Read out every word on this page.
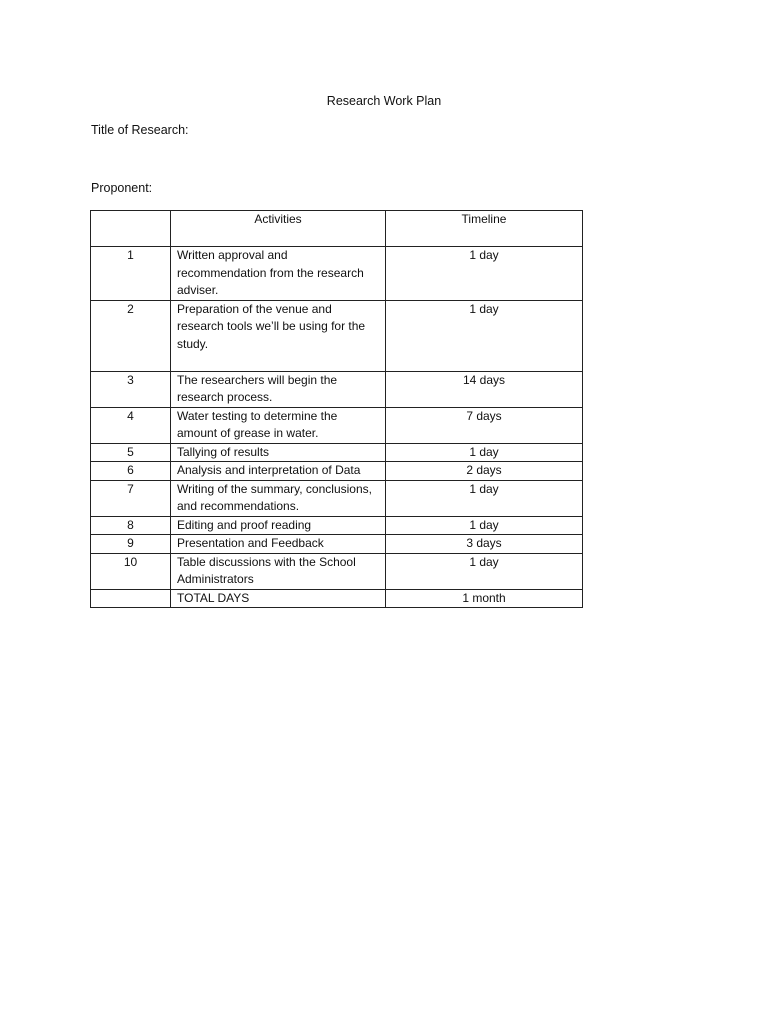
Research Work Plan
Title of Research:
Proponent:
	Activities	Timeline
1	Written approval and recommendation from the research adviser.	1 day
2	Preparation of the venue and research tools we’ll be using for the study.	1 day
3	The researchers will begin the research process.	14 days
4	Water testing to determine the amount of grease in water.	7 days
5	Tallying of results	1 day
6	Analysis and interpretation of Data	2 days
7	Writing of the summary, conclusions, and recommendations.	1 day
8	Editing and proof reading	1 day
9	Presentation and Feedback	3 days
10	Table discussions with the School Administrators	1 day
	TOTAL DAYS	1 month
